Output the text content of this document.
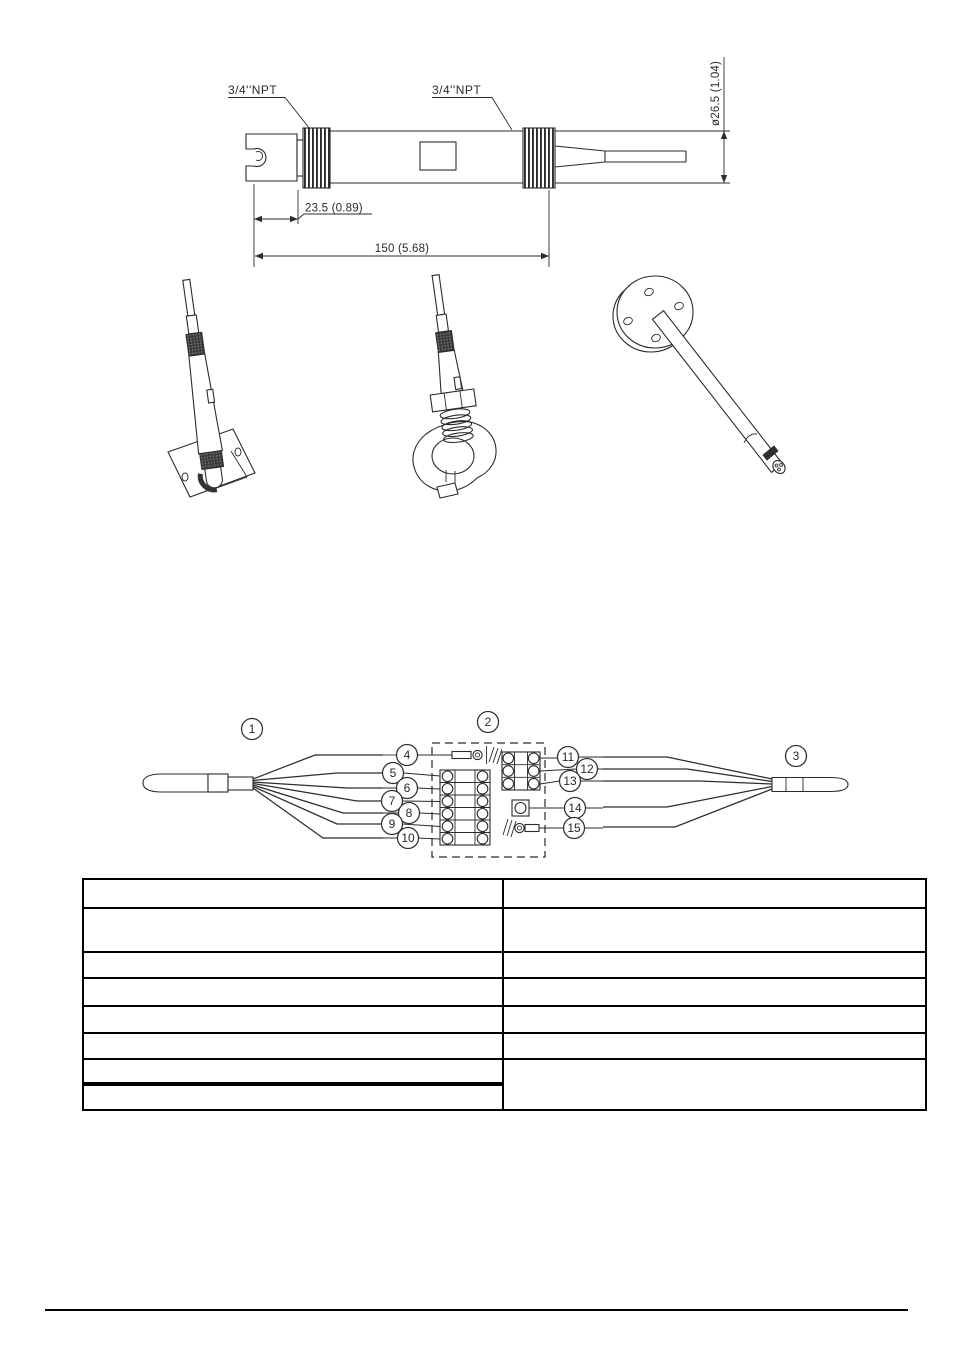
ø26.5 (1.04)
23.5 (0.89)
150 (5.68)
3/4''NPT	3/4''NPT
1	2
3
4
5
6
7
8
9
10
11
12
13
14
15
